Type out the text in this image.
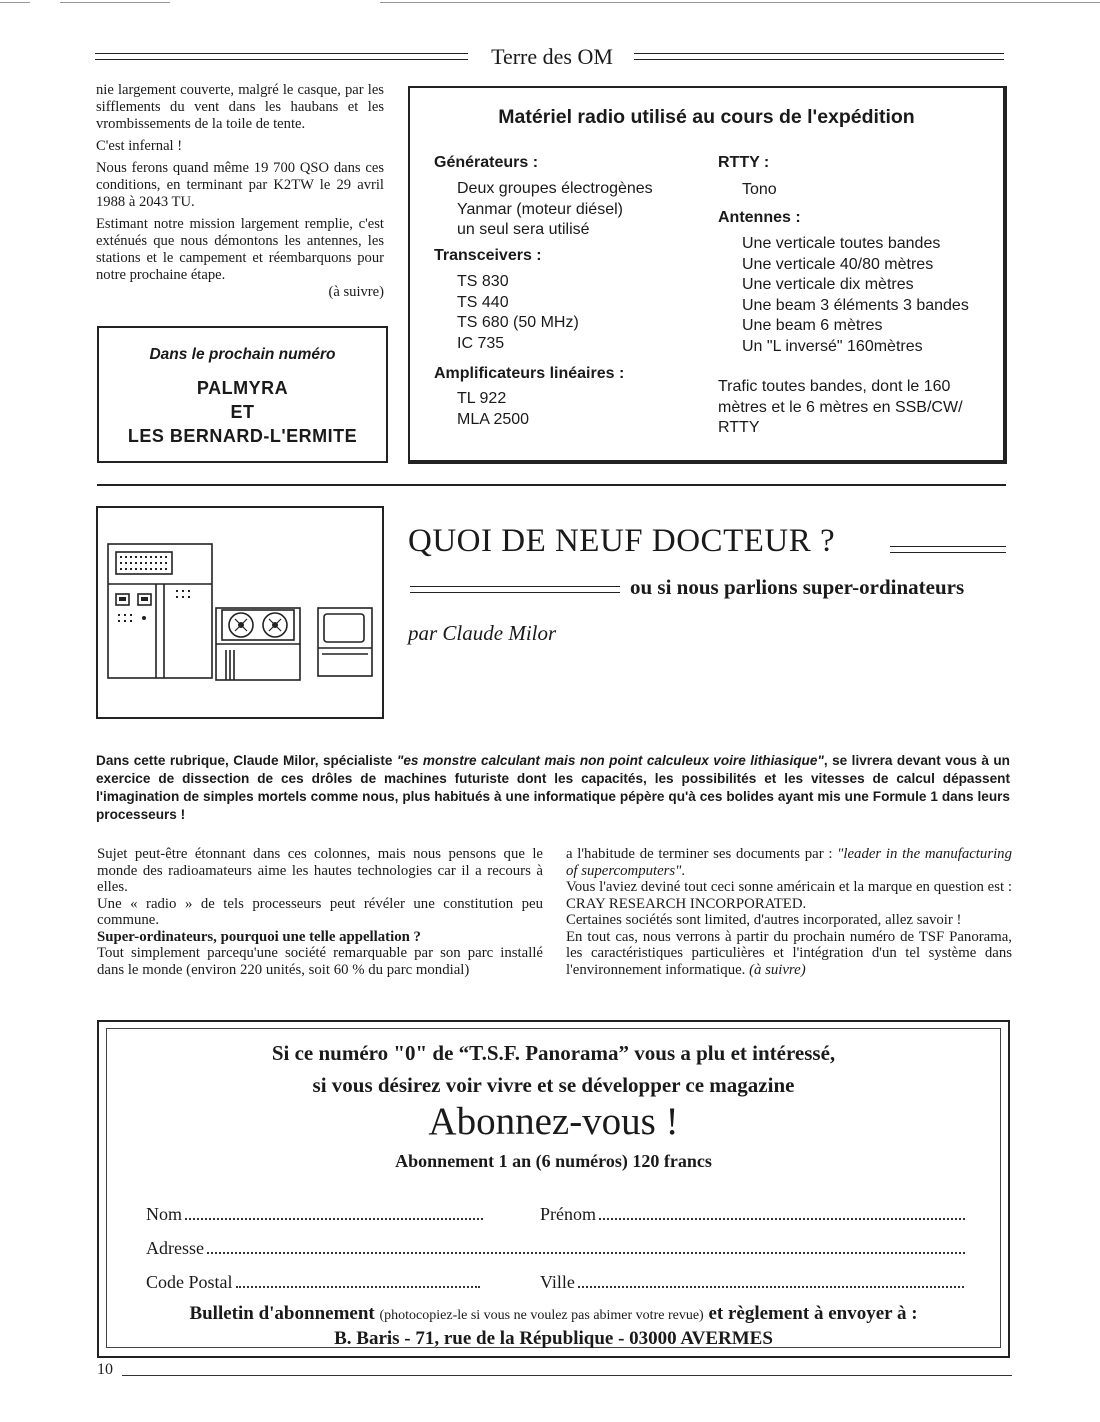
Terre des OM

nie largement couverte, malgré le casque, par les sifflements du vent dans les haubans et les vrombissements de la toile de tente.

C'est infernal !

Nous ferons quand même 19 700 QSO dans ces conditions, en terminant par K2TW le 29 avril 1988 à 2043 TU.

Estimant notre mission largement remplie, c'est exténués que nous démontons les antennes, les stations et le campement et réembarquons pour notre prochaine étape.

(à suivre)

Dans le prochain numéro
PALMYRA
ET
LES BERNARD-L'ERMITE
Matériel radio utilisé au cours de l'expédition
Générateurs :
Deux groupes électrogènes
Yanmar (moteur diésel)
un seul sera utilisé
Transceivers :
TS 830
TS 440
TS 680 (50 MHz)
IC 735
Amplificateurs linéaires :
TL 922
MLA 2500
RTTY :
Tono
Antennes :
Une verticale toutes bandes
Une verticale 40/80 mètres
Une verticale dix mètres
Une beam 3 éléments 3 bandes
Une beam 6 mètres
Un "L inversé" 160mètres
Trafic toutes bandes, dont le 160
mètres et le 6 mètres en SSB/CW/
RTTY
QUOI DE NEUF DOCTEUR ?
ou si nous parlions super-ordinateurs
par Claude Milor
Dans cette rubrique, Claude Milor, spécialiste "es monstre calculant mais non point calculeux voire lithiasique", se livrera devant vous à un exercice de dissection de ces drôles de machines futuriste dont les capacités, les possibilités et les vitesses de calcul dépassent l'imagination de simples mortels comme nous, plus habitués à une informatique pépère qu'à ces bolides ayant mis une Formule 1 dans leurs processeurs !

Sujet peut-être étonnant dans ces colonnes, mais nous pensons que le monde des radioamateurs aime les hautes technologies car il a recours à elles.

Une « radio » de tels processeurs peut révéler une constitution peu commune.

Super-ordinateurs, pourquoi une telle appellation ?

Tout simplement parcequ'une société remarquable par son parc installé dans le monde (environ 220 unités, soit 60 % du parc mondial)

a l'habitude de terminer ses documents par : "leader in the manufacturing of supercomputers".

Vous l'aviez deviné tout ceci sonne américain et la marque en question est : CRAY RESEARCH INCORPORATED.

Certaines sociétés sont limited, d'autres incorporated, allez savoir !

En tout cas, nous verrons à partir du prochain numéro de TSF Panorama, les caractéristiques particulières et l'intégration d'un tel système dans l'environnement informatique. (à suivre)

Si ce numéro "0" de “T.S.F. Panorama” vous a plu et intéressé,
si vous désirez voir vivre et se développer ce magazine
Abonnez-vous !
Abonnement 1 an (6 numéros) 120 francs
Nom	Prénom
Adresse
Code Postal	Ville
Bulletin d'abonnement (photocopiez-le si vous ne voulez pas abimer votre revue) et règlement à envoyer à :
B. Baris - 71, rue de la République - 03000 AVERMES
10
